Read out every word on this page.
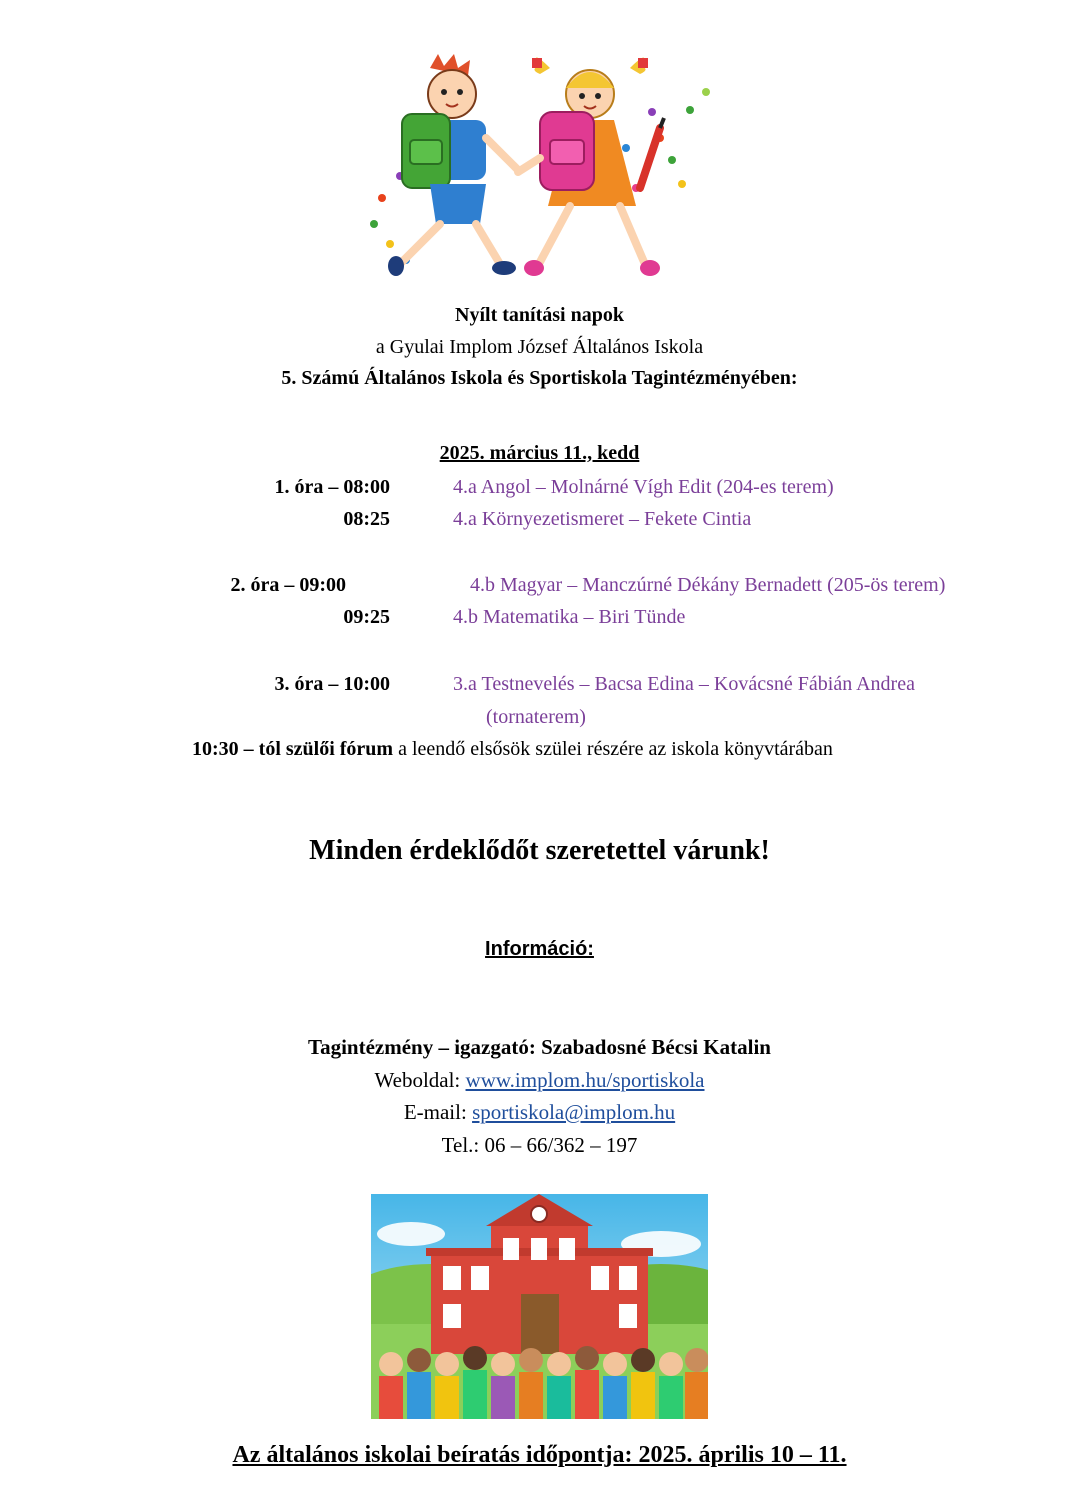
Nyílt tanítási napok
a Gyulai Implom József Általános Iskola
5. Számú Általános Iskola és Sportiskola Tagintézményében:
2025. március 11., kedd
1. óra – 08:00	4.a Angol – Molnárné Vígh Edit (204-es terem)
08:25	4.a Környezetismeret – Fekete Cintia
2. óra – 09:00	4.b Magyar – Manczúrné Dékány Bernadett (205-ös terem)
09:25	4.b Matematika – Biri Tünde
3. óra – 10:00	3.a Testnevelés – Bacsa Edina – Kovácsné Fábián Andrea
(tornaterem)
10:30 – tól szülői fórum a leendő elsősök szülei részére az iskola könyvtárában
Minden érdeklődőt szeretettel várunk!
Információ:
Tagintézmény – igazgató: Szabadosné Bécsi Katalin
Weboldal: www.implom.hu/sportiskola
E-mail: sportiskola@implom.hu
Tel.: 06 – 66/362 – 197
Az általános iskolai beíratás időpontja: 2025. április 10 – 11.
